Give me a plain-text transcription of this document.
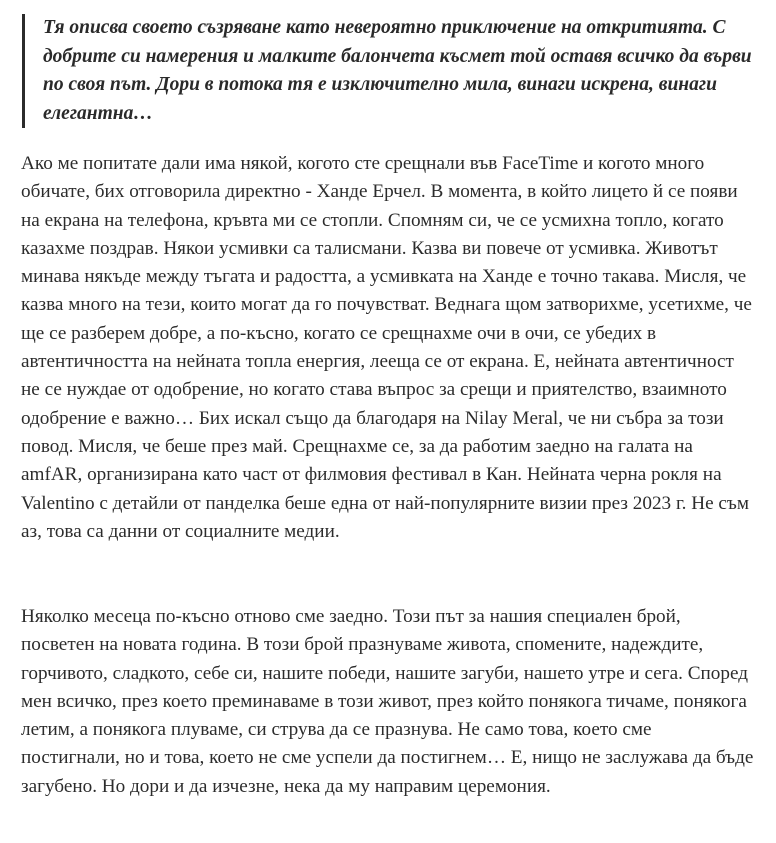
Тя описва своето съзряване като невероятно приключение на откритията. С добрите си намерения и малките балончета късмет той оставя всичко да върви по своя път. Дори в потока тя е изключително мила, винаги искрена, винаги елегантна…

Ако ме попитате дали има някой, когото сте срещнали във FaceTime и когото много обичате, бих отговорила директно - Ханде Ерчел. В момента, в който лицето й се появи на екрана на телефона, кръвта ми се стопли. Спомням си, че се усмихна топло, когато казахме поздрав. Някои усмивки са талисмани. Казва ви повече от усмивка. Животът минава някъде между тъгата и радостта, а усмивката на Ханде е точно такава. Мисля, че казва много на тези, които могат да го почувстват. Веднага щом затворихме, усетихме, че ще се разберем добре, а по-късно, когато се срещнахме очи в очи, се убедих в автентичността на нейната топла енергия, лееща се от екрана. Е, нейната автентичност не се нуждае от одобрение, но когато става въпрос за срещи и приятелство, взаимното одобрение е важно… Бих искал също да благодаря на Nilay Meral, че ни събра за този повод. Мисля, че беше през май. Срещнахме се, за да работим заедно на галата на amfAR, организирана като част от филмовия фестивал в Кан. Нейната черна рокля на Valentino с детайли от панделка беше една от най-популярните визии през 2023 г. Не съм аз, това са данни от социалните медии.

Няколко месеца по-късно отново сме заедно. Този път за нашия специален брой, посветен на новата година. В този брой празнуваме живота, спомените, надеждите, горчивото, сладкото, себе си, нашите победи, нашите загуби, нашето утре и сега. Според мен всичко, през което преминаваме в този живот, през който понякога тичаме, понякога летим, а понякога плуваме, си струва да се празнува. Не само това, което сме постигнали, но и това, което не сме успели да постигнем… Е, нищо не заслужава да бъде загубено. Но дори и да изчезне, нека да му направим церемония.
